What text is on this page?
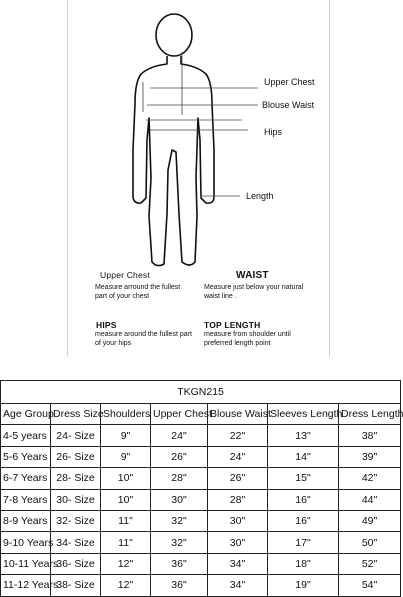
Upper Chest
Blouse Waist
Hips
Length
Upper Chest
Measure arround the fullest part of your chest
WAIST
Measure just below your natural waist line .
HIPS
measure around the fullest part of your hips
TOP LENGTH
measure from shoulder until preferred length point
TKGN215						
Age Group	Dress Size	Shoulders	Upper Chest	Blouse Waist	Sleeves Length	Dress Length
4-5 years	24- Size	9"	24"	22"	13"	38"
5-6 Years	26- Size	9"	26"	24"	14"	39"
6-7 Years	28- Size	10"	28"	26"	15"	42"
7-8 Years	30- Size	10"	30"	28"	16"	44"
8-9 Years	32- Size	11"	32"	30"	16"	49"
9-10 Years	34- Size	11"	32"	30"	17"	50"
10-11 Years	36- Size	12"	36"	34"	18"	52"
11-12 Years	38- Size	12"	36"	34"	19"	54"
